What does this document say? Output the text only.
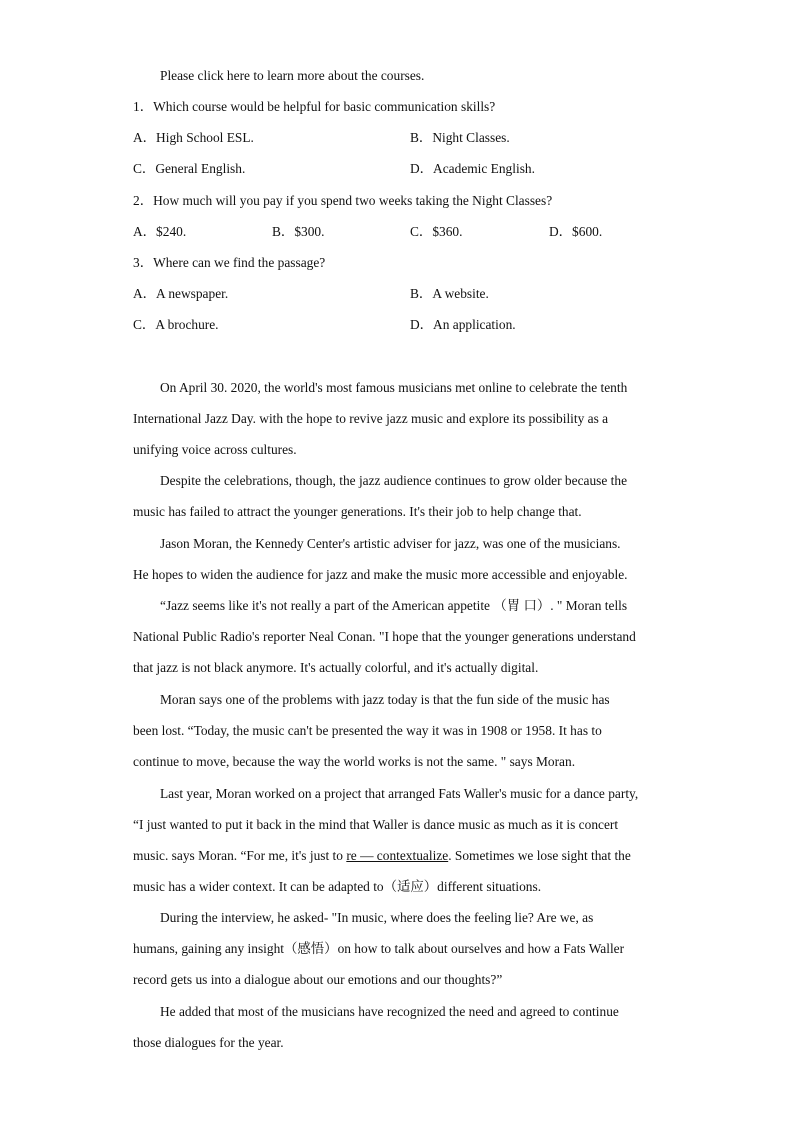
Please click here to learn more about the courses.
1．Which course would be helpful for basic communication skills?
A．High School ESL.	B．Night Classes.
C．General English.	D．Academic English.
2．How much will you pay if you spend two weeks taking the Night Classes?
A．$240.	B．$300.	C．$360.	D．$600.
3．Where can we find the passage?
A．A newspaper.	B．A website.
C．A brochure.	D．An application.
On April 30. 2020, the world's most famous musicians met online to celebrate the tenth
International Jazz Day. with the hope to revive jazz music and explore its possibility as a
unifying voice across cultures.
Despite the celebrations, though, the jazz audience continues to grow older because the
music has failed to attract the younger generations. It's their job to help change that.
Jason Moran, the Kennedy Center's artistic adviser for jazz, was one of the musicians.
He hopes to widen the audience for jazz and make the music more accessible and enjoyable.
“Jazz seems like it's not really a part of the American appetite （胃 口）. " Moran tells
National Public Radio's reporter Neal Conan. "I hope that the younger generations understand
that jazz is not black anymore. It's actually colorful, and it's actually digital.
Moran says one of the problems with jazz today is that the fun side of the music has
been lost. “Today, the music can't be presented the way it was in 1908 or 1958. It has to
continue to move, because the way the world works is not the same. " says Moran.
Last year, Moran worked on a project that arranged Fats Waller's music for a dance party,
“I just wanted to put it back in the mind that Waller is dance music as much as it is concert
music. says Moran. “For me, it's just to re — contextualize. Sometimes we lose sight that the
music has a wider context. It can be adapted to（适应）different situations.
During the interview, he asked- "In music, where does the feeling lie? Are we, as
humans, gaining any insight（感悟）on how to talk about ourselves and how a Fats Waller
record gets us into a dialogue about our emotions and our thoughts?”
He added that most of the musicians have recognized the need and agreed to continue
those dialogues for the year.
